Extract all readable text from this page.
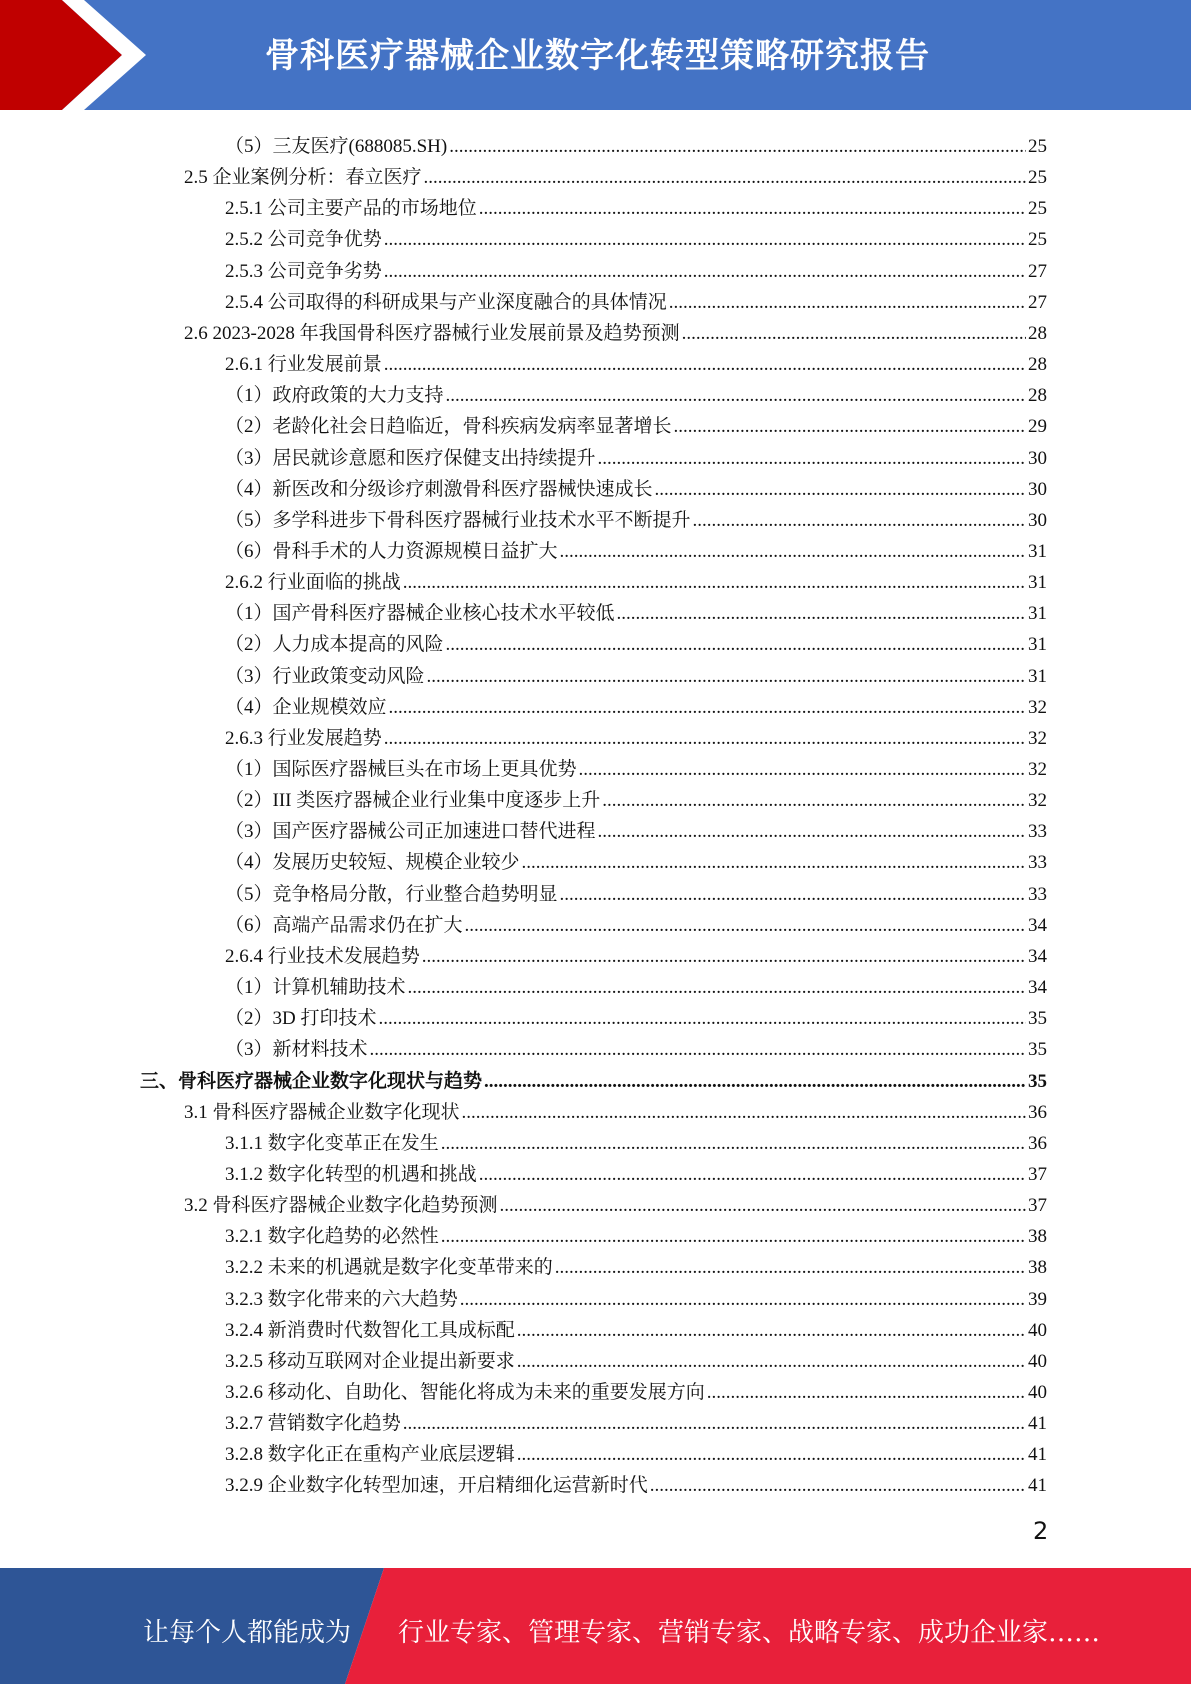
骨科医疗器械企业数字化转型策略研究报告
（5）三友医疗(688085.SH) .....	25
2.5 企业案例分析：春立医疗 .....	25
2.5.1 公司主要产品的市场地位 .....	25
2.5.2 公司竞争优势 .....	25
2.5.3 公司竞争劣势 .....	27
2.5.4 公司取得的科研成果与产业深度融合的具体情况 .....	27
2.6 2023-2028 年我国骨科医疗器械行业发展前景及趋势预测 .....	28
2.6.1 行业发展前景 .....	28
（1）政府政策的大力支持 .....	28
（2）老龄化社会日趋临近，骨科疾病发病率显著增长 .....	29
（3）居民就诊意愿和医疗保健支出持续提升 .....	30
（4）新医改和分级诊疗刺激骨科医疗器械快速成长 .....	30
（5）多学科进步下骨科医疗器械行业技术水平不断提升 .....	30
（6）骨科手术的人力资源规模日益扩大 .....	31
2.6.2 行业面临的挑战 .....	31
（1）国产骨科医疗器械企业核心技术水平较低 .....	31
（2）人力成本提高的风险 .....	31
（3）行业政策变动风险 .....	31
（4）企业规模效应 .....	32
2.6.3 行业发展趋势 .....	32
（1）国际医疗器械巨头在市场上更具优势 .....	32
（2）III 类医疗器械企业行业集中度逐步上升 .....	32
（3）国产医疗器械公司正加速进口替代进程 .....	33
（4）发展历史较短、规模企业较少 .....	33
（5）竞争格局分散，行业整合趋势明显 .....	33
（6）高端产品需求仍在扩大 .....	34
2.6.4 行业技术发展趋势 .....	34
（1）计算机辅助技术 .....	34
（2）3D 打印技术 .....	35
（3）新材料技术 .....	35
三、骨科医疗器械企业数字化现状与趋势 .....	35
3.1 骨科医疗器械企业数字化现状 .....	36
3.1.1 数字化变革正在发生 .....	36
3.1.2 数字化转型的机遇和挑战 .....	37
3.2 骨科医疗器械企业数字化趋势预测 .....	37
3.2.1 数字化趋势的必然性 .....	38
3.2.2 未来的机遇就是数字化变革带来的 .....	38
3.2.3 数字化带来的六大趋势 .....	39
3.2.4 新消费时代数智化工具成标配 .....	40
3.2.5 移动互联网对企业提出新要求 .....	40
3.2.6 移动化、自助化、智能化将成为未来的重要发展方向 .....	40
3.2.7 营销数字化趋势 .....	41
3.2.8 数字化正在重构产业底层逻辑 .....	41
3.2.9 企业数字化转型加速，开启精细化运营新时代 .....	41
2
让每个人都能成为 行业专家、管理专家、营销专家、战略专家、成功企业家……
